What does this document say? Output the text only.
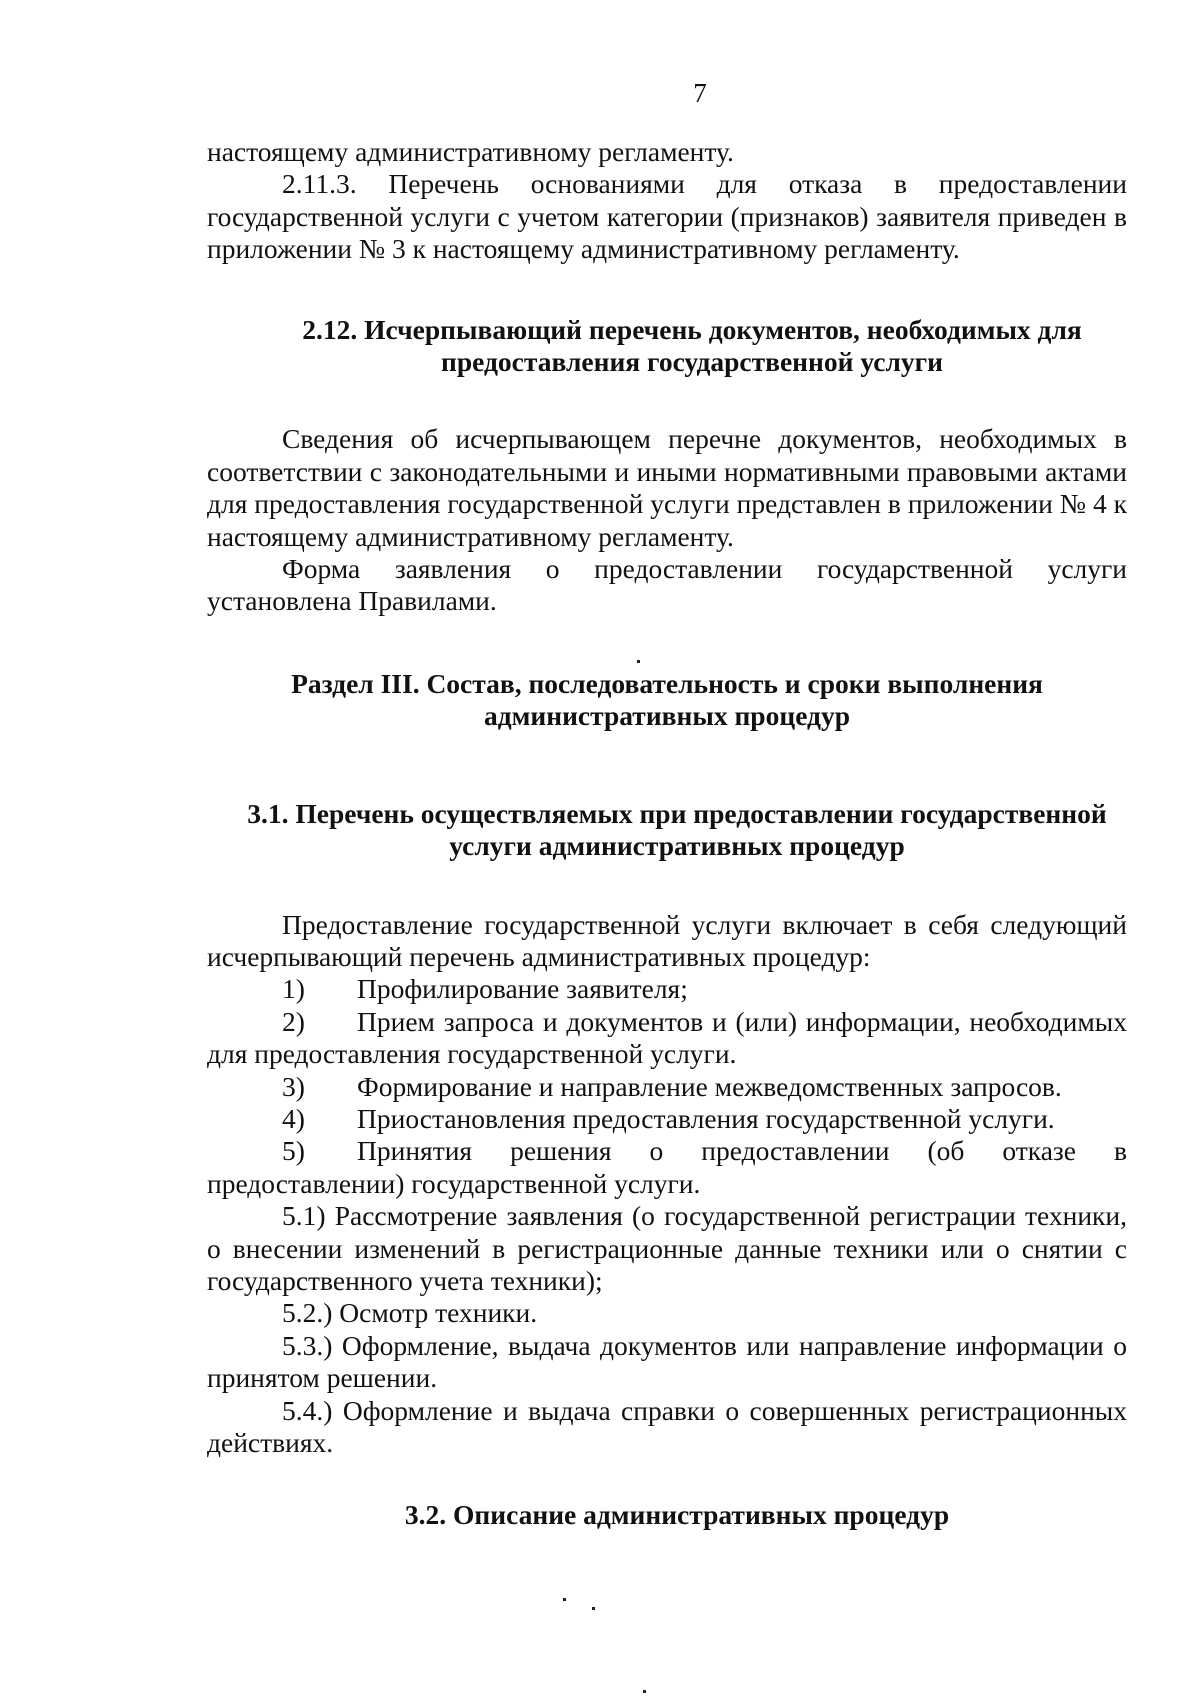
7

настоящему административному регламенту.

2.11.3. Перечень основаниями для отказа в предоставлении государственной услуги с учетом категории (признаков) заявителя приведен в приложении № 3 к настоящему административному регламенту.

2.12. Исчерпывающий перечень документов, необходимых для
предоставления государственной услуги

Сведения об исчерпывающем перечне документов, необходимых в соответствии с законодательными и иными нормативными правовыми актами для предоставления государственной услуги представлен в приложении № 4 к настоящему административному регламенту.

Форма заявления о предоставлении государственной услуги установлена Правилами.

Раздел III. Состав, последовательность и сроки выполнения
административных процедур
3.1. Перечень осуществляемых при предоставлении государственной
услуги административных процедур

Предоставление государственной услуги включает в себя следующий исчерпывающий перечень административных процедур:

1) Профилирование заявителя;

2) Прием запроса и документов и (или) информации, необходимых для предоставления государственной услуги.

3) Формирование и направление межведомственных запросов.

4) Приостановления предоставления государственной услуги.

5) Принятия решения о предоставлении (об отказе в предоставлении) государственной услуги.

5.1) Рассмотрение заявления (о государственной регистрации техники, о внесении изменений в регистрационные данные техники или о снятии с государственного учета техники);

5.2.) Осмотр техники.

5.3.) Оформление, выдача документов или направление информации о принятом решении.

5.4.) Оформление и выдача справки о совершенных регистрационных действиях.

3.2. Описание административных процедур
